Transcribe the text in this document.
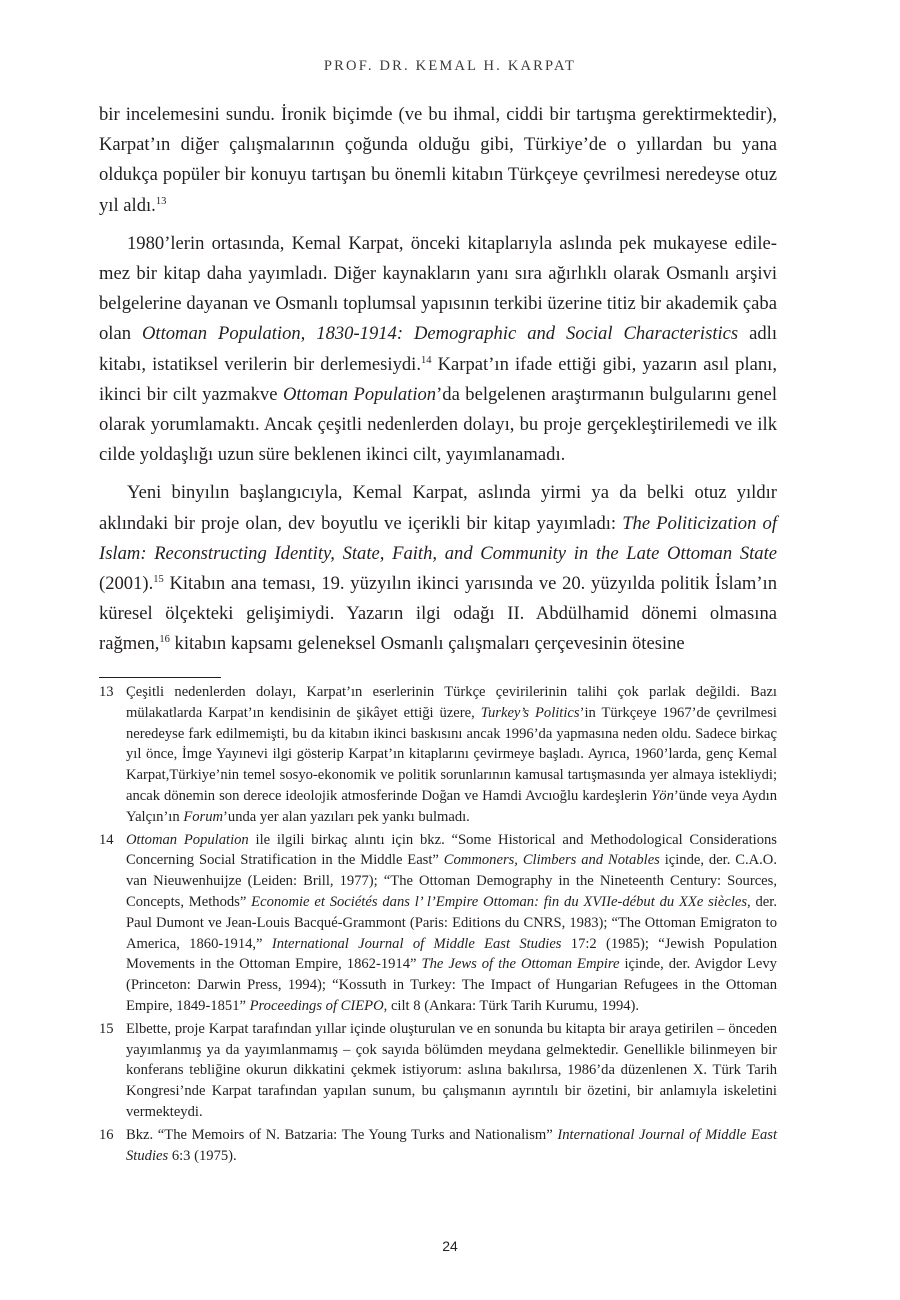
PROF. DR. KEMAL H. KARPAT

bir incelemesini sundu. İronik biçimde (ve bu ihmal, ciddi bir tartışma gerektirmektedir), Karpat’ın diğer çalışmalarının çoğunda olduğu gibi, Türkiye’de o yıllardan bu yana oldukça popüler bir konuyu tartışan bu önemli kitabın Türkçeye çevrilmesi neredeyse otuz yıl aldı.$^{13}$

1980’lerin ortasında, Kemal Karpat, önceki kitaplarıyla aslında pek mukayese edilemez bir kitap daha yayımladı. Diğer kaynakların yanı sıra ağırlıklı olarak Osmanlı arşivi belgelerine dayanan ve Osmanlı toplumsal yapısının terkibi üzerine titiz bir akademik çaba olan Ottoman Population, 1830-1914: Demographic and Social Characteristics adlı kitabı, istatiksel verilerin bir derlemesiydi.$^{14}$ Karpat’ın ifade ettiği gibi, yazarın asıl planı, ikinci bir cilt yazmakve Ottoman Population’da belgelenen araştırmanın bulgularını genel olarak yorumlamaktı. Ancak çeşitli nedenlerden dolayı, bu proje gerçekleştirilemedi ve ilk cilde yoldaşlığı uzun süre beklenen ikinci cilt, yayımlanamadı.

Yeni binyılın başlangıcıyla, Kemal Karpat, aslında yirmi ya da belki otuz yıldır aklındaki bir proje olan, dev boyutlu ve içerikli bir kitap yayımladı: The Politicization of Islam: Reconstructing Identity, State, Faith, and Community in the Late Ottoman State (2001).$^{15}$ Kitabın ana teması, 19. yüzyılın ikinci yarısında ve 20. yüzyılda politik İslam’ın küresel ölçekteki gelişimiydi. Yazarın ilgi odağı II. Abdülhamid dönemi olmasına rağmen,$^{16}$ kitabın kapsamı geleneksel Osmanlı çalışmaları çerçevesinin ötesine

13 Çeşitli nedenlerden dolayı, Karpat’ın eserlerinin Türkçe çevirilerinin talihi çok parlak değildi. Bazı mülakatlarda Karpat’ın kendisinin de şikâyet ettiği üzere, Turkey’s Politics’in Türkçeye 1967’de çevrilmesi neredeyse fark edilmemişti, bu da kitabın ikinci baskısını ancak 1996’da yapmasına neden oldu. Sadece birkaç yıl önce, İmge Yayınevi ilgi gösterip Karpat’ın kitaplarını çevirmeye başladı. Ayrıca, 1960’larda, genç Kemal Karpat,Türkiye’nin temel sosyo-ekonomik ve politik sorunlarının kamusal tartışmasında yer almaya istekliydi; ancak dönemin son derece ideolojik atmosferinde Doğan ve Hamdi Avcıoğlu kardeşlerin Yön’ünde veya Aydın Yalçın’ın Forum’unda yer alan yazıları pek yankı bulmadı.
14 Ottoman Population ile ilgili birkaç alıntı için bkz. “Some Historical and Methodological Considerations Concerning Social Stratification in the Middle East” Commoners, Climbers and Notables içinde, der. C.A.O. van Nieuwenhuijze (Leiden: Brill, 1977); “The Ottoman Demography in the Nineteenth Century: Sources, Concepts, Methods” Economie et Sociétés dans l’ l’Empire Ottoman: fin du XVIIe-début du XXe siècles, der. Paul Dumont ve Jean-Louis Bacqué-Grammont (Paris: Editions du CNRS, 1983); “The Ottoman Emigraton to America, 1860-1914,” International Journal of Middle East Studies 17:2 (1985); “Jewish Population Movements in the Ottoman Empire, 1862-1914” The Jews of the Ottoman Empire içinde, der. Avigdor Levy (Princeton: Darwin Press, 1994); “Kossuth in Turkey: The Impact of Hungarian Refugees in the Ottoman Empire, 1849-1851” Proceedings of CIEPO, cilt 8 (Ankara: Türk Tarih Kurumu, 1994).
15 Elbette, proje Karpat tarafından yıllar içinde oluşturulan ve en sonunda bu kitapta bir araya getirilen – önceden yayımlanmış ya da yayımlanmamış – çok sayıda bölümden meydana gelmektedir. Genellikle bilinmeyen bir konferans tebliğine okurun dikkatini çekmek istiyorum: aslına bakılırsa, 1986’da düzenlenen X. Türk Tarih Kongresi’nde Karpat tarafından yapılan sunum, bu çalışmanın ayrıntılı bir özetini, bir anlamıyla iskeletini vermekteydi.
16 Bkz. “The Memoirs of N. Batzaria: The Young Turks and Nationalism” International Journal of Middle East Studies 6:3 (1975).
24
